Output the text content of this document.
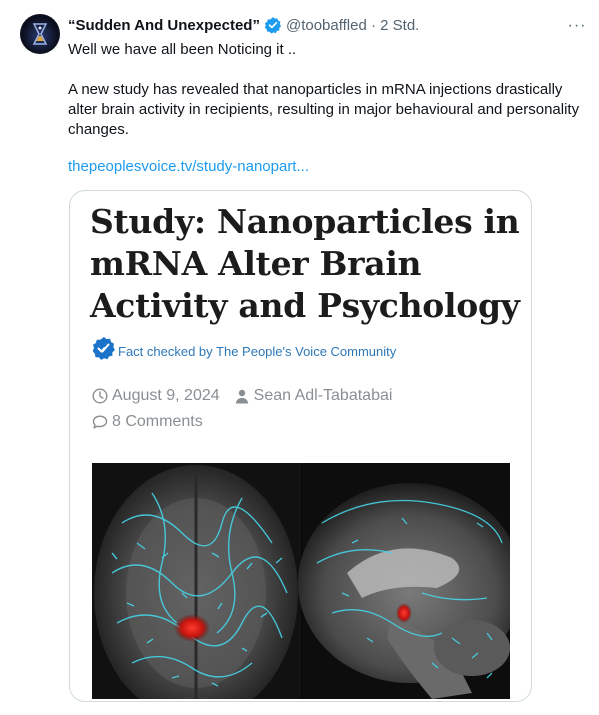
“Sudden And Unexpected” @toobaffled · 2 Std.	···

Well we have all been Noticing it ..

A new study has revealed that nanoparticles in mRNA injections drastically alter brain activity in recipients, resulting in major behavioural and personality changes.
thepeoplesvoice.tv/study-nanopart...
Study: Nanoparticles in mRNA Alter Brain Activity and Psychology
Fact checked by The People's Voice Community
August 9, 2024 Sean Adl-Tabatabai
8 Comments
